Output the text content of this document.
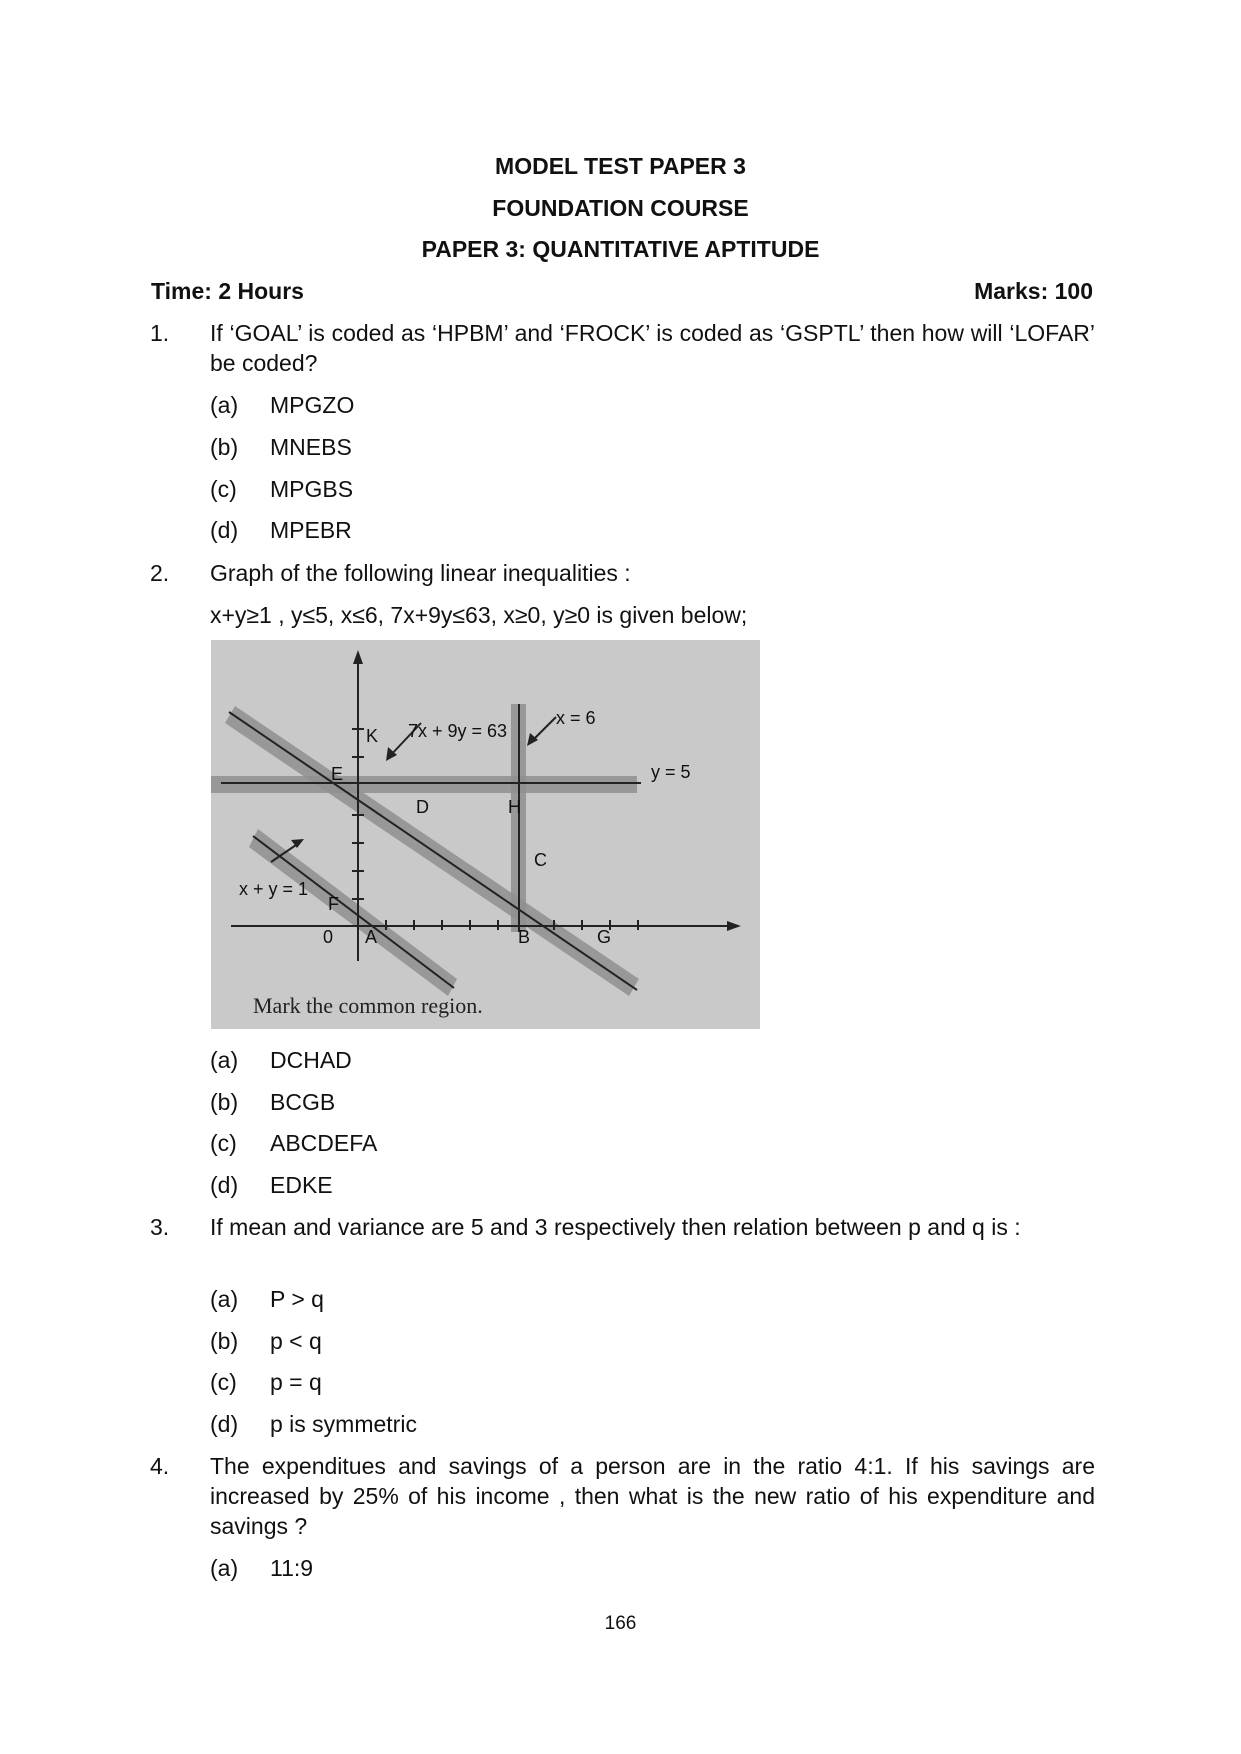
MODEL TEST PAPER 3
FOUNDATION COURSE
PAPER 3: QUANTITATIVE APTITUDE
Time: 2 Hours	Marks: 100
1. If ‘GOAL’ is coded as ‘HPBM’ and ‘FROCK’ is coded as ‘GSPTL’ then how will ‘LOFAR’ be coded?
(a) MPGZO
(b) MNEBS
(c) MPGBS
(d) MPEBR
2. Graph of the following linear inequalities :
x+y≥1 , y≤5, x≤6, 7x+9y≤63, x≥0, y≥0 is given below;
K
E
D	H
C
F
0 A	B	G
7x + 9y = 63
x = 6
y = 5
x + y = 1
Mark the common region.
(a) DCHAD
(b) BCGB
(c) ABCDEFA
(d) EDKE
3. If mean and variance are 5 and 3 respectively then relation between p and q is :
(a) P > q
(b) p < q
(c) p = q
(d) p is symmetric
4. The expenditues and savings of a person are in the ratio 4:1. If his savings are increased by 25% of his income , then what is the new ratio of his expenditure and savings ?
(a) 11:9
166
